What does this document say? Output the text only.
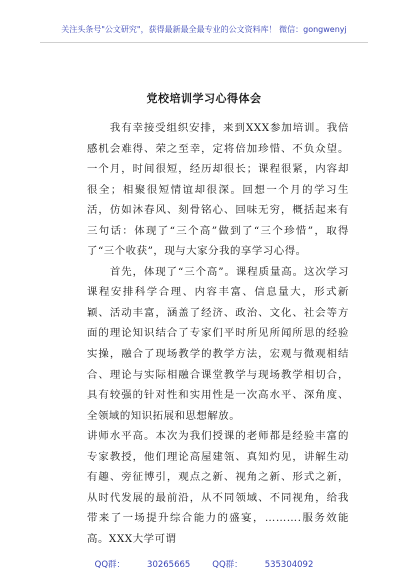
关注头条号"公文研究"，获得最新最全最专业的公文资料库！ 微信：gongwenyj
党校培训学习心得体会

我有幸接受组织安排，来到XXX参加培训。我倍感机会难得、荣之至幸，定将倍加珍惜、不负众望。一个月，时间很短，经历却很长；课程很紧，内容却很全；相聚很短情谊却很深。回想一个月的学习生活，仿如沐春风、刻骨铭心、回味无穷，概括起来有三句话：体现了“三个高”做到了“三个珍惜”，取得了“三个收获”，现与大家分我的享学习心得。

首先，体现了“三个高”。课程质量高。这次学习课程安排科学合理、内容丰富、信息量大，形式新颖、活动丰富，涵盖了经济、政治、文化、社会等方面的理论知识结合了专家们平时所见所闻所思的经验实操，融合了现场教学的教学方法，宏观与微观相结合、理论与实际相融合课堂教学与现场教学相切合，具有较强的针对性和实用性是一次高水平、深角度、全领域的知识拓展和思想解放。

讲师水平高。本次为我们授课的老师都是经验丰富的专家教授，他们理论高屋建瓴、真知灼见，讲解生动有趣、旁征博引，观点之新、视角之新、形式之新，从时代发展的最前沿，从不同领域、不同视角，给我带来了一场提升综合能力的盛宴，……….服务效能高。XXX大学可谓

QQ群：	30265665	QQ群：	535304092
